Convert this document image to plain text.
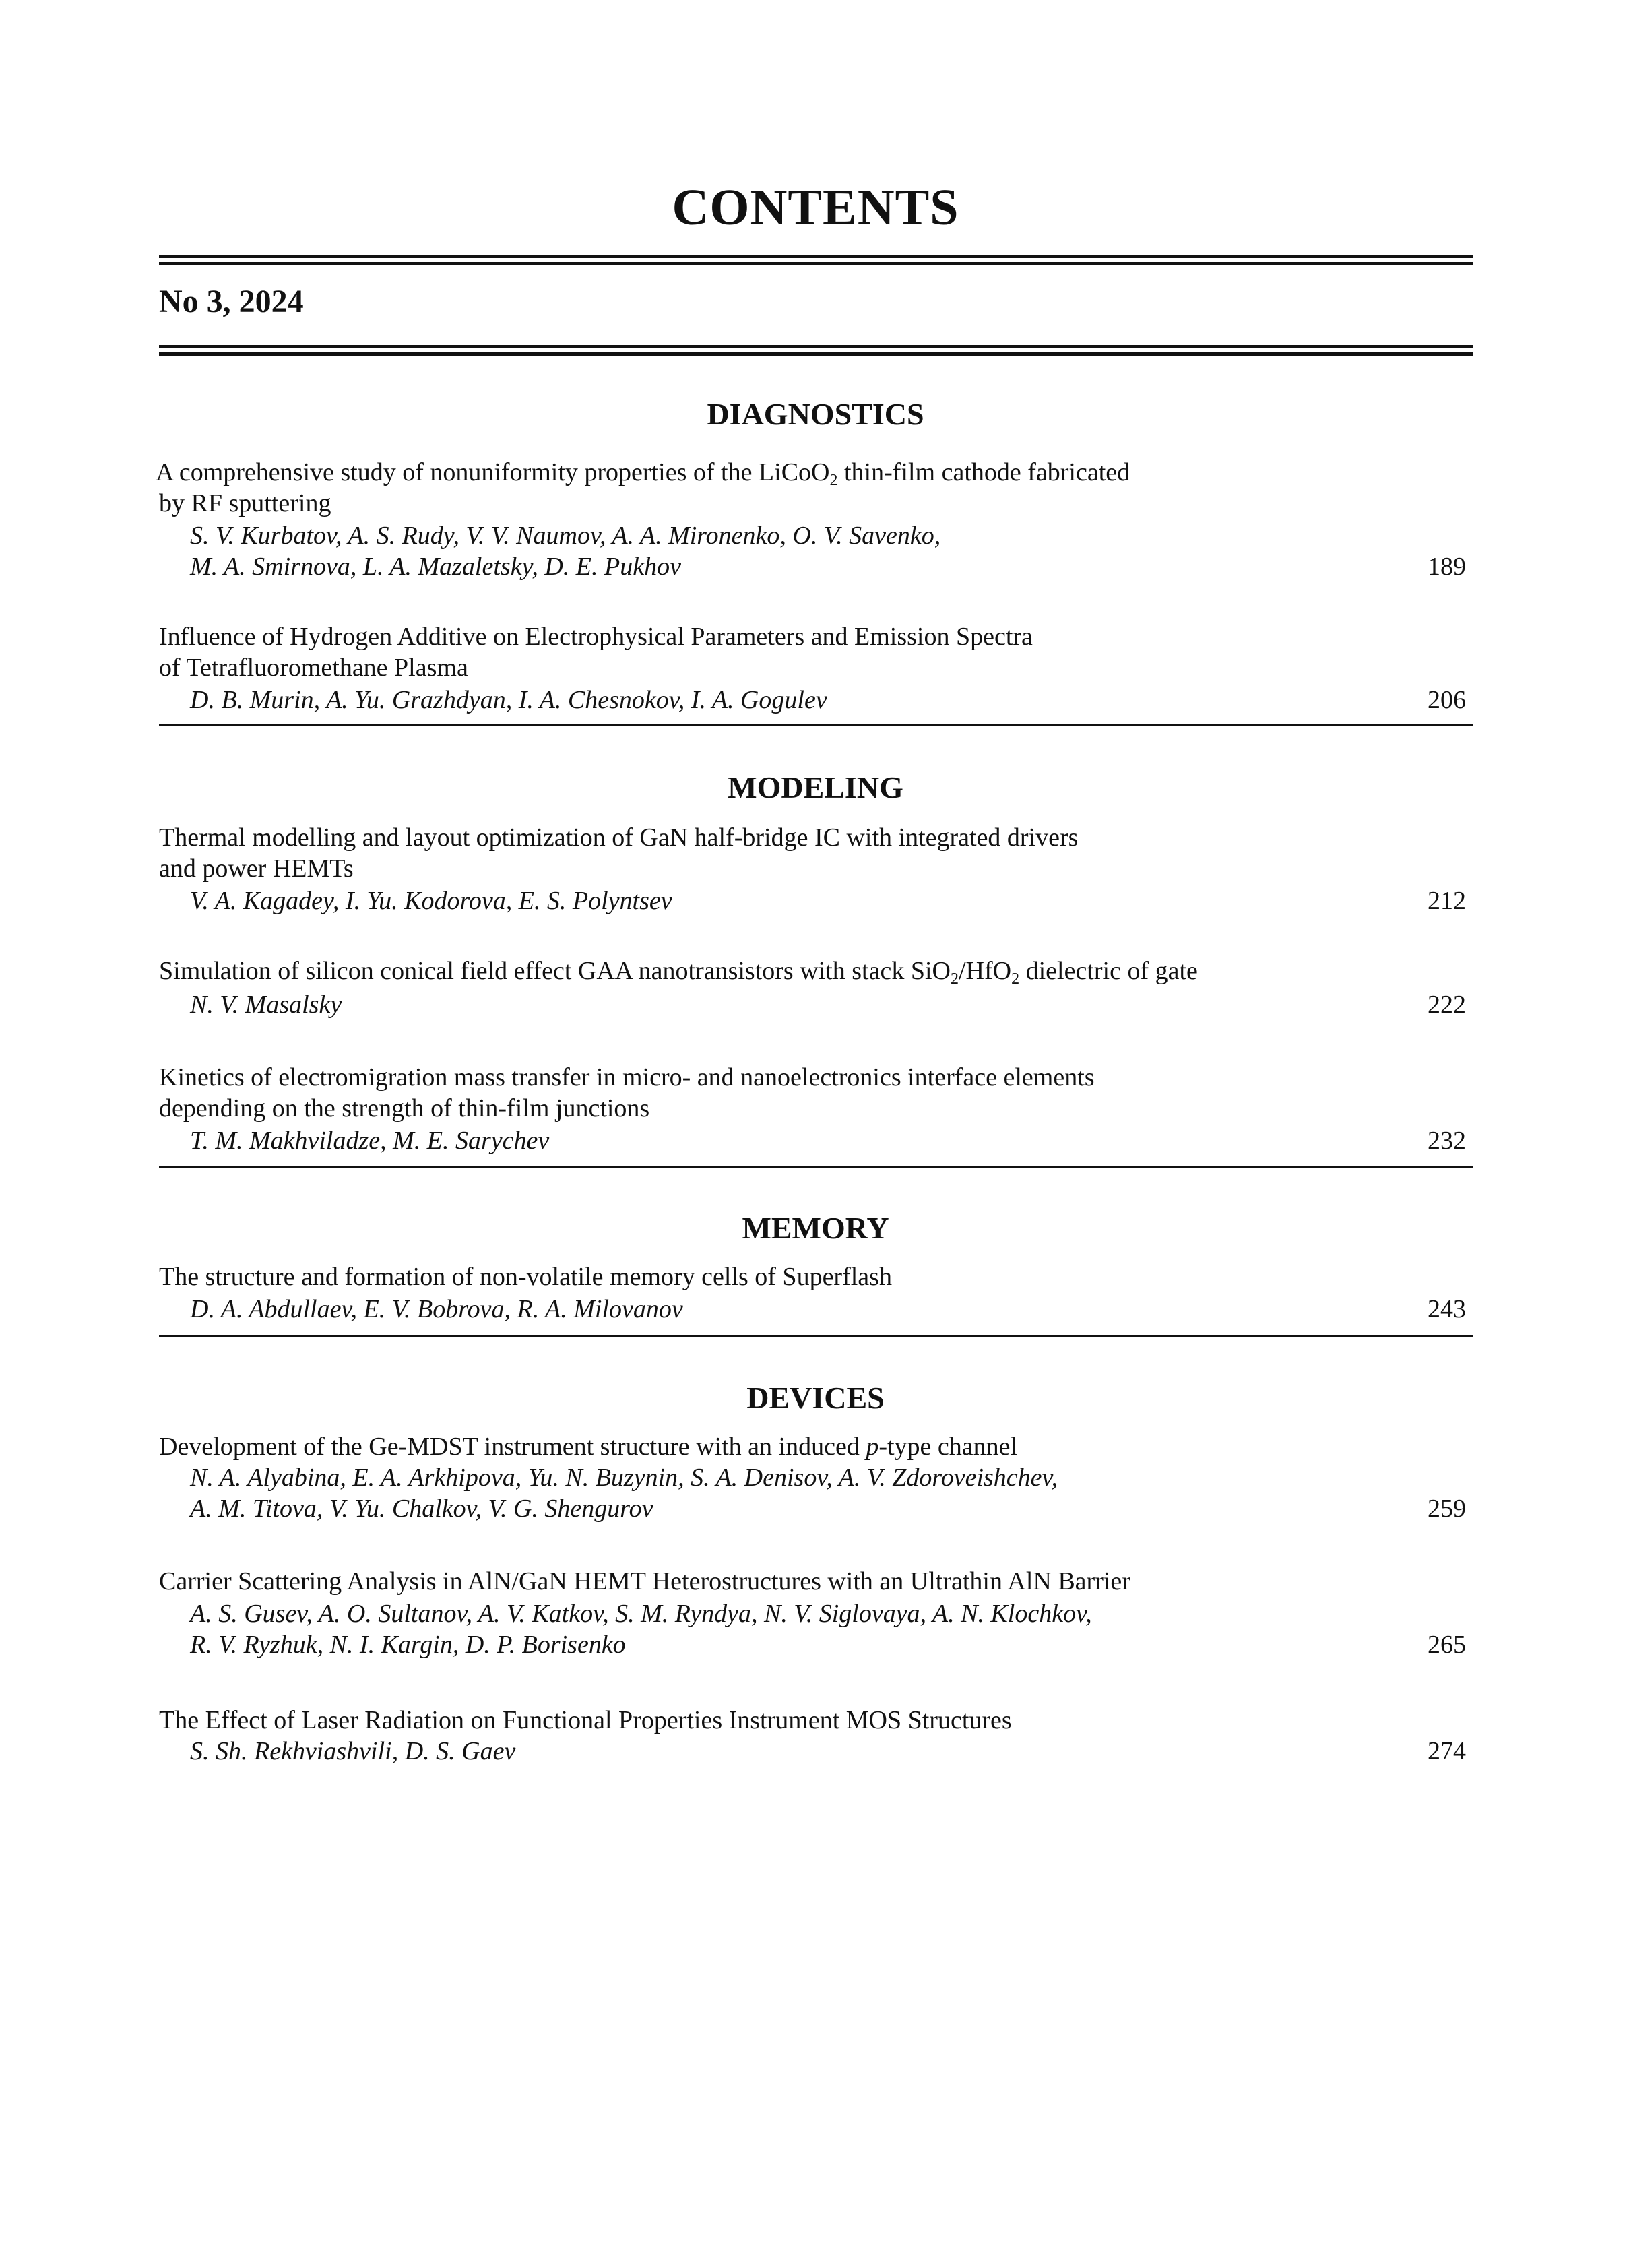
CONTENTS
No 3, 2024
DIAGNOSTICS
A comprehensive study of nonuniformity properties of the LiCoO$_2$ thin-film cathode fabricated
by RF sputtering
S. V. Kurbatov, A. S. Rudy, V. V. Naumov, A. A. Mironenko, O. V. Savenko,
M. A. Smirnova, L. A. Mazaletsky, D. E. Pukhov	189
Influence of Hydrogen Additive on Electrophysical Parameters and Emission Spectra
of Tetrafluoromethane Plasma
D. B. Murin, A. Yu. Grazhdyan, I. A. Chesnokov, I. A. Gogulev	206
MODELING
Thermal modelling and layout optimization of GaN half-bridge IC with integrated drivers
and power HEMTs
V. A. Kagadey, I. Yu. Kodorova, E. S. Polyntsev	212
Simulation of silicon conical field effect GAA nanotransistors with stack SiO$_2$/HfO$_2$ dielectric of gate
N. V. Masalsky	222
Kinetics of electromigration mass transfer in micro- and nanoelectronics interface elements
depending on the strength of thin-film junctions
T. M. Makhviladze, M. E. Sarychev	232
MEMORY
The structure and formation of non-volatile memory cells of Superflash
D. A. Abdullaev, E. V. Bobrova, R. A. Milovanov	243
DEVICES
Development of the Ge-MDST instrument structure with an induced p-type channel
N. A. Alyabina, E. A. Arkhipova, Yu. N. Buzynin, S. A. Denisov, A. V. Zdoroveishchev,
A. M. Titova, V. Yu. Chalkov, V. G. Shengurov	259
Carrier Scattering Analysis in AlN/GaN HEMT Heterostructures with an Ultrathin AlN Barrier
A. S. Gusev, A. O. Sultanov, A. V. Katkov, S. M. Ryndya, N. V. Siglovaya, A. N. Klochkov,
R. V. Ryzhuk, N. I. Kargin, D. P. Borisenko	265
The Effect of Laser Radiation on Functional Properties Instrument MOS Structures
S. Sh. Rekhviashvili, D. S. Gaev	274
